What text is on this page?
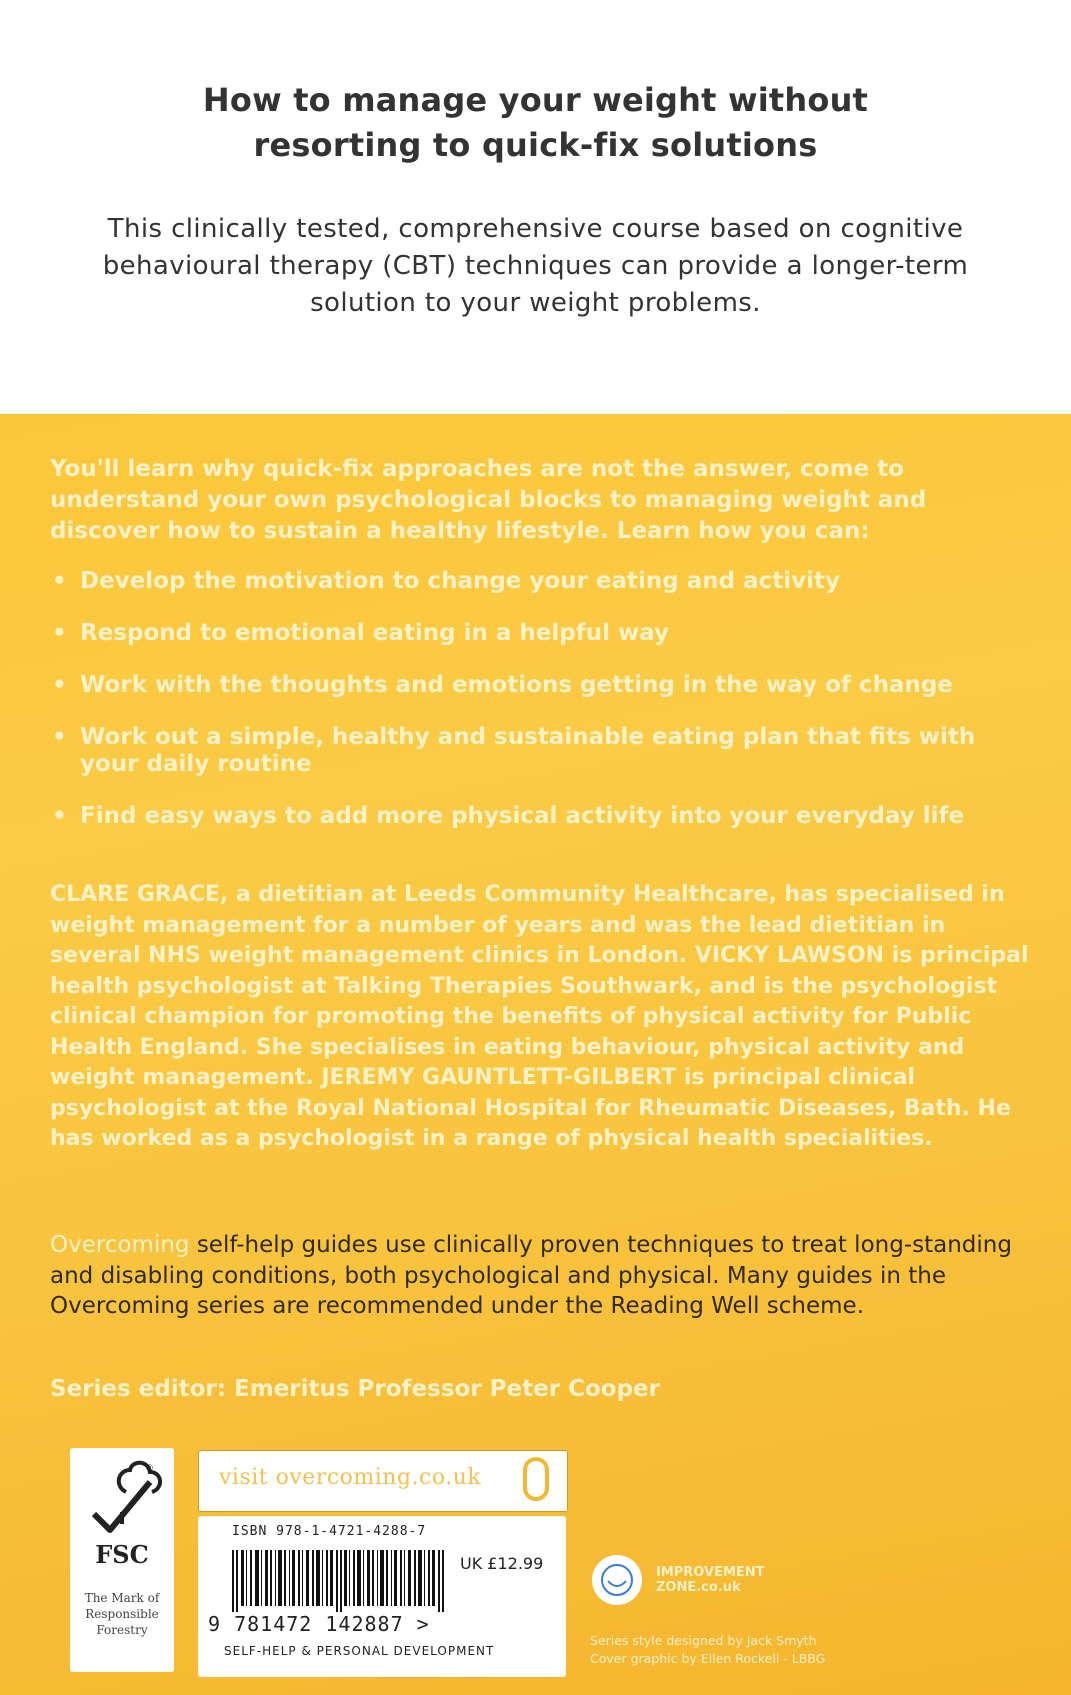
How to manage your weight without resorting to quick-fix solutions
This clinically tested, comprehensive course based on cognitive behavioural therapy (CBT) techniques can provide a longer-term solution to your weight problems.
You'll learn why quick-fix approaches are not the answer, come to understand your own psychological blocks to managing weight and discover how to sustain a healthy lifestyle. Learn how you can:
• Develop the motivation to change your eating and activity
• Respond to emotional eating in a helpful way
• Work with the thoughts and emotions getting in the way of change
• Work out a simple, healthy and sustainable eating plan that fits with your daily routine
• Find easy ways to add more physical activity into your everyday life
CLARE GRACE, a dietitian at Leeds Community Healthcare, has specialised in weight management for a number of years and was the lead dietitian in several NHS weight management clinics in London. VICKY LAWSON is principal health psychologist at Talking Therapies Southwark, and is the psychologist clinical champion for promoting the benefits of physical activity for Public Health England. She specialises in eating behaviour, physical activity and weight management. JEREMY GAUNTLETT-GILBERT is principal clinical psychologist at the Royal National Hospital for Rheumatic Diseases, Bath. He has worked as a psychologist in a range of physical health specialities.
Overcoming self-help guides use clinically proven techniques to treat long-standing and disabling conditions, both psychological and physical. Many guides in the Overcoming series are recommended under the Reading Well scheme.
Series editor: Emeritus Professor Peter Cooper
®
FSC
The Mark of Responsible Forestry
visit overcoming.co.uk
ISBN 978-1-4721-4288-7
UK £12.99
9 781472 142887 >
SELF-HELP & PERSONAL DEVELOPMENT
IMPROVEMENT
ZONE.co.uk
Series style designed by Jack Smyth
Cover graphic by Ellen Rockell - LBBG
